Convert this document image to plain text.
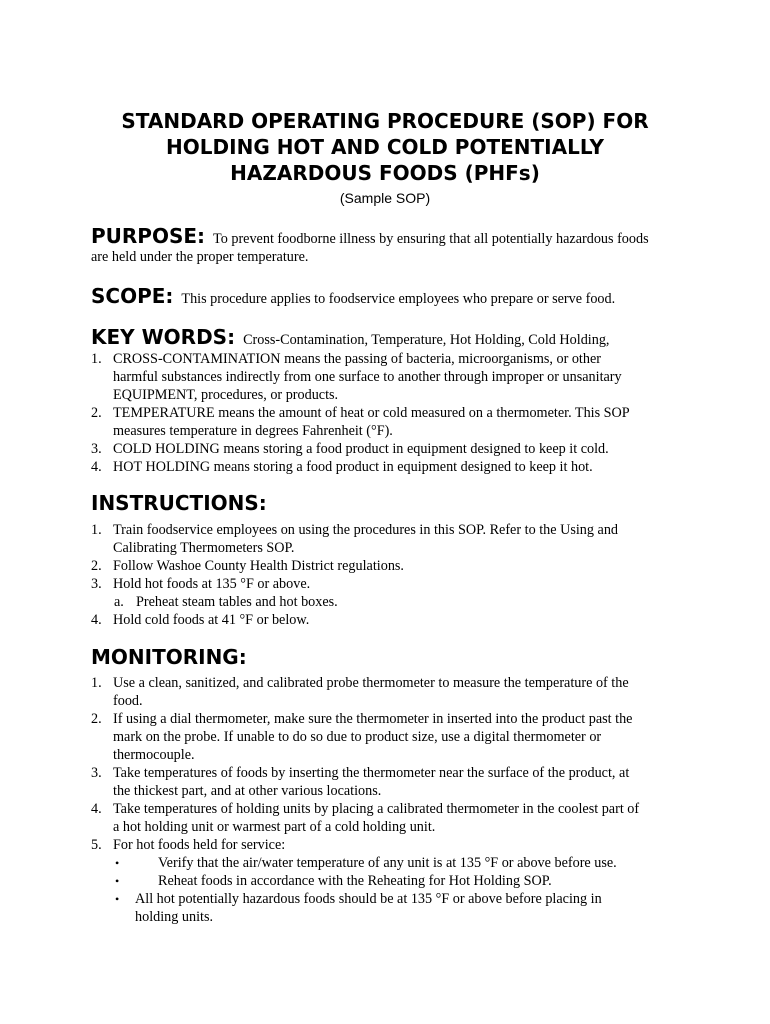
STANDARD OPERATING PROCEDURE (SOP) FOR
HOLDING HOT AND COLD POTENTIALLY
HAZARDOUS FOODS (PHFs)
(Sample SOP)
PURPOSE: To prevent foodborne illness by ensuring that all potentially hazardous foods
are held under the proper temperature.
SCOPE: This procedure applies to foodservice employees who prepare or serve food.
KEY WORDS: Cross-Contamination, Temperature, Hot Holding, Cold Holding,
1. CROSS-CONTAMINATION means the passing of bacteria, microorganisms, or other
harmful substances indirectly from one surface to another through improper or unsanitary
EQUIPMENT, procedures, or products.
2. TEMPERATURE means the amount of heat or cold measured on a thermometer. This SOP
measures temperature in degrees Fahrenheit (°F).
3. COLD HOLDING means storing a food product in equipment designed to keep it cold.
4. HOT HOLDING means storing a food product in equipment designed to keep it hot.
INSTRUCTIONS:
1. Train foodservice employees on using the procedures in this SOP. Refer to the Using and
Calibrating Thermometers SOP.
2. Follow Washoe County Health District regulations.
3. Hold hot foods at 135 °F or above.
a. Preheat steam tables and hot boxes.
4. Hold cold foods at 41 °F or below.
MONITORING:
1. Use a clean, sanitized, and calibrated probe thermometer to measure the temperature of the
food.
2. If using a dial thermometer, make sure the thermometer in inserted into the product past the
mark on the probe. If unable to do so due to product size, use a digital thermometer or
thermocouple.
3. Take temperatures of foods by inserting the thermometer near the surface of the product, at
the thickest part, and at other various locations.
4. Take temperatures of holding units by placing a calibrated thermometer in the coolest part of
a hot holding unit or warmest part of a cold holding unit.
5. For hot foods held for service:
•	Verify that the air/water temperature of any unit is at 135 °F or above before use.
•	Reheat foods in accordance with the Reheating for Hot Holding SOP.
• All hot potentially hazardous foods should be at 135 °F or above before placing in
holding units.
